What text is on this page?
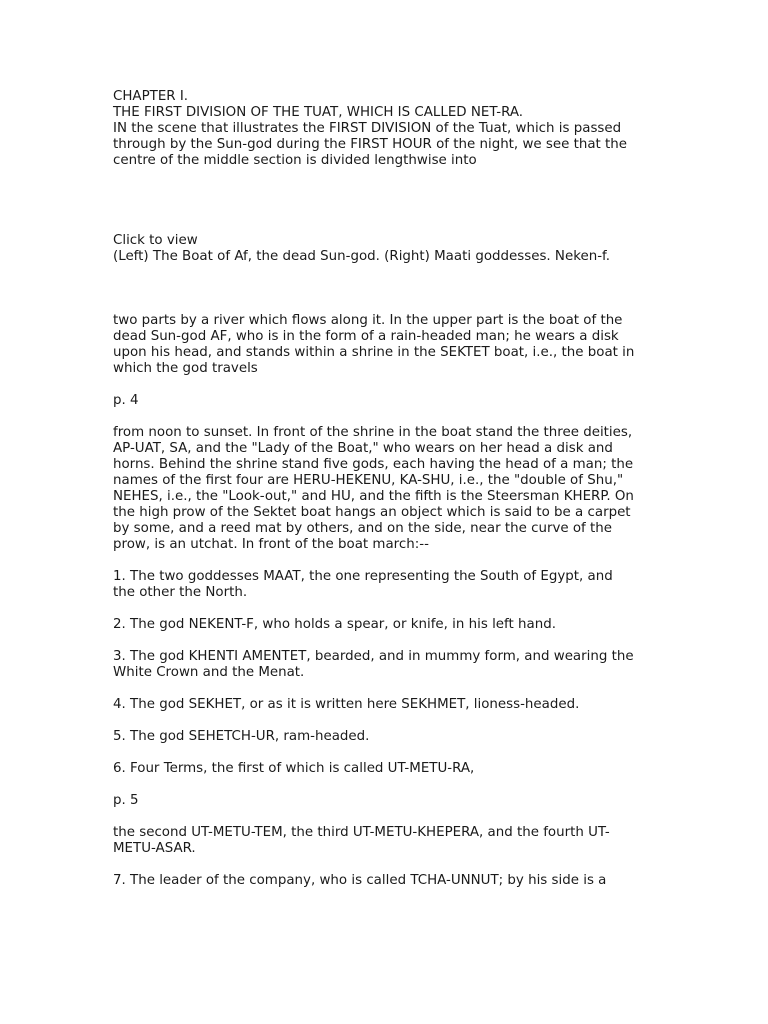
CHAPTER I.
THE FIRST DIVISION OF THE TUAT, WHICH IS CALLED NET-RA.
IN the scene that illustrates the FIRST DIVISION of the Tuat, which is passed
through by the Sun-god during the FIRST HOUR of the night, we see that the
centre of the middle section is divided lengthwise into
Click to view
(Left) The Boat of Af, the dead Sun-god. (Right) Maati goddesses. Neken-f.
two parts by a river which flows along it. In the upper part is the boat of the
dead Sun-god AF, who is in the form of a rain-headed man; he wears a disk
upon his head, and stands within a shrine in the SEKTET boat, i.e., the boat in
which the god travels
p. 4
from noon to sunset. In front of the shrine in the boat stand the three deities,
AP-UAT, SA, and the "Lady of the Boat," who wears on her head a disk and
horns. Behind the shrine stand five gods, each having the head of a man; the
names of the first four are HERU-HEKENU, KA-SHU, i.e., the "double of Shu,"
NEHES, i.e., the "Look-out," and HU, and the fifth is the Steersman KHERP. On
the high prow of the Sektet boat hangs an object which is said to be a carpet
by some, and a reed mat by others, and on the side, near the curve of the
prow, is an utchat. In front of the boat march:--
1. The two goddesses MAAT, the one representing the South of Egypt, and
the other the North.
2. The god NEKENT-F, who holds a spear, or knife, in his left hand.
3. The god KHENTI AMENTET, bearded, and in mummy form, and wearing the
White Crown and the Menat.
4. The god SEKHET, or as it is written here SEKHMET, lioness-headed.
5. The god SEHETCH-UR, ram-headed.
6. Four Terms, the first of which is called UT-METU-RA,
p. 5
the second UT-METU-TEM, the third UT-METU-KHEPERA, and the fourth UT-
METU-ASAR.
7. The leader of the company, who is called TCHA-UNNUT; by his side is a
